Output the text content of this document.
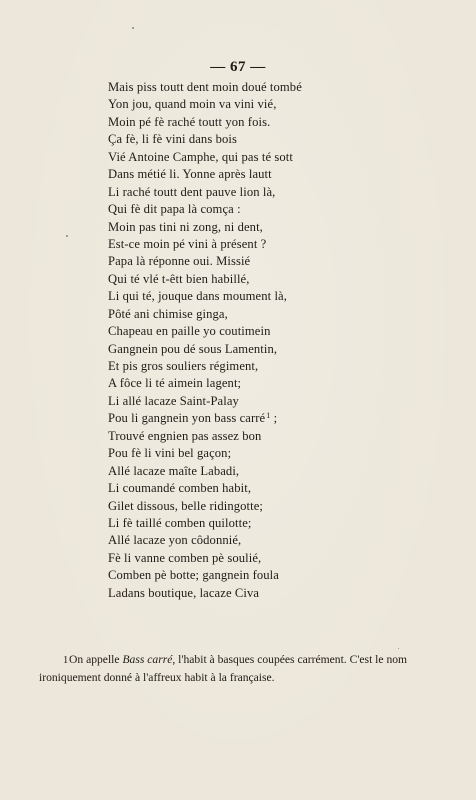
— 67 —
Mais piss toutt dent moin doué tombé
Yon jou, quand moin va vini vié,
Moin pé fè raché toutt yon fois.
Ça fè, li fè vini dans bois
Vié Antoine Camphe, qui pas té sott
Dans métié li. Yonne après lautt
Li raché toutt dent pauve lion là,
Qui fè dit papa là comça :
Moin pas tini ni zong, ni dent,
Est-ce moin pé vini à présent ?
Papa là réponne oui. Missié
Qui té vlé t-êtt bien habillé,
Li qui té, jouque dans moument là,
Pôté ani chimise ginga,
Chapeau en paille yo coutimein
Gangnein pou dé sous Lamentin,
Et pis gros souliers régiment,
A fôce li té aimein lagent;
Li allé lacaze Saint-Palay
Pou li gangnein yon bass carré$^1$ ;
Trouvé engnien pas assez bon
Pou fè li vini bel gaçon;
Allé lacaze maîte Labadi,
Li coumandé comben habit,
Gilet dissous, belle ridingotte;
Li fè taillé comben quilotte;
Allé lacaze yon côdonnié,
Fè li vanne comben pè soulié,
Comben pè botte; gangnein foula
Ladans boutique, lacaze Civa
1On appelle Bass carré, l'habit à basques coupées carrément. C'est le nom ironiquement donné à l'affreux habit à la française.
